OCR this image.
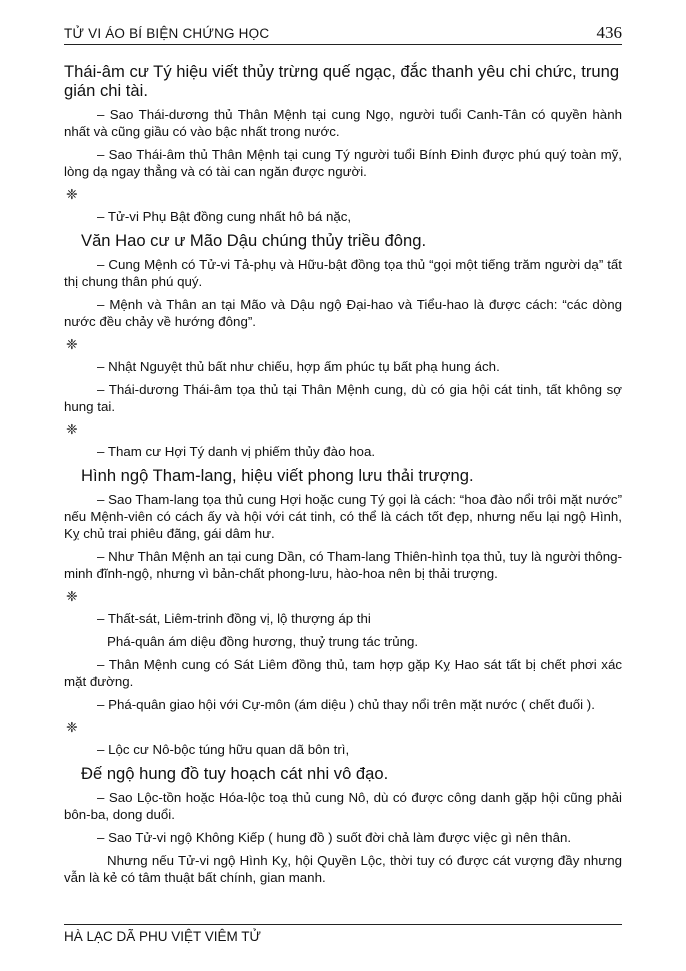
TỬ VI ÁO BÍ BIỆN CHỨNG HỌC	436
Thái-âm cư Tý hiệu viết thủy trừng quế ngạc, đắc thanh yêu chi chức, trung gián chi tài.
– Sao Thái-dương thủ Thân Mệnh tại cung Ngọ, người tuổi Canh-Tân có quyền hành nhất và cũng giầu có vào bậc nhất trong nước.
– Sao Thái-âm thủ Thân Mệnh tại cung Tý người tuổi Bính Đinh được phú quý toàn mỹ, lòng dạ ngay thẳng và có tài can ngăn được người.
❈
– Tử-vi Phụ Bật đồng cung nhất hô bá nặc,
Văn Hao cư ư Mão Dậu chúng thủy triều đông.
– Cung Mệnh có Tử-vi Tả-phụ và Hữu-bật đồng tọa thủ “gọi một tiếng trăm người dạ” tất thị chung thân phú quý.
– Mệnh và Thân an tại Mão và Dậu ngộ Đại-hao và Tiểu-hao là được cách: “các dòng nước đều chảy về hướng đông”.
❈
– Nhật Nguyệt thủ bất như chiếu, hợp ấm phúc tụ bất phạ hung ách.
– Thái-dương Thái-âm tọa thủ tại Thân Mệnh cung, dù có gia hội cát tinh, tất không sợ hung tai.
❈
– Tham cư Hợi Tý danh vị phiếm thủy đào hoa.
Hình ngộ Tham-lang, hiệu viết phong lưu thải trượng.
– Sao Tham-lang tọa thủ cung Hợi hoặc cung Tý gọi là cách: “hoa đào nổi trôi mặt nước” nếu Mệnh-viên có cách ấy và hội với cát tinh, có thể là cách tốt đẹp, nhưng nếu lại ngộ Hình, Kỵ chủ trai phiêu đãng, gái dâm hư.
– Như Thân Mệnh an tại cung Dần, có Tham-lang Thiên-hình tọa thủ, tuy là người thông-minh đĩnh-ngộ, nhưng vì bản-chất phong-lưu, hào-hoa nên bị thải trượng.
❈
– Thất-sát, Liêm-trinh đồng vị, lộ thượng áp thi
Phá-quân ám diệu đồng hương, thuỷ trung tác trủng.
– Thân Mệnh cung có Sát Liêm đồng thủ, tam hợp gặp Kỵ Hao sát tất bị chết phơi xác mặt đường.
– Phá-quân giao hội với Cự-môn (ám diệu ) chủ thay nổi trên mặt nước ( chết đuối ).
❈
– Lộc cư Nô-bộc túng hữu quan dã bôn trì,
Đế ngộ hung đồ tuy hoạch cát nhi vô đạo.
– Sao Lộc-tồn hoặc Hóa-lộc toạ thủ cung Nô, dù có được công danh gặp hội cũng phải bôn-ba, dong duổi.
– Sao Tử-vi ngộ Không Kiếp ( hung đồ ) suốt đời chả làm được việc gì nên thân.
Nhưng nếu Tử-vi ngộ Hình Kỵ, hội Quyền Lộc, thời tuy có được cát vượng đầy nhưng vẫn là kẻ có tâm thuật bất chính, gian manh.
HÀ LẠC DÃ PHU VIỆT VIÊM TỬ
